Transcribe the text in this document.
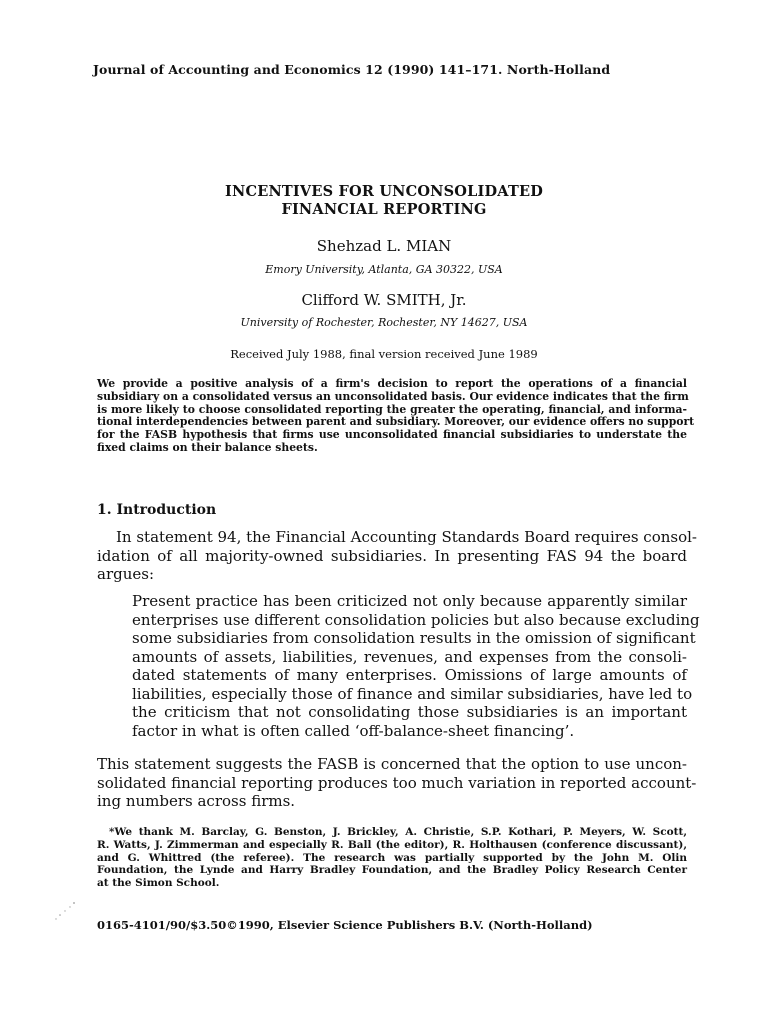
Journal of Accounting and Economics 12 (1990) 141–171. North-Holland
INCENTIVES FOR UNCONSOLIDATED
FINANCIAL REPORTING
Shehzad L. MIAN
Emory University, Atlanta, GA 30322, USA
Clifford W. SMITH, Jr.
University of Rochester, Rochester, NY 14627, USA
Received July 1988, final version received June 1989
We provide a positive analysis of a firm's decision to report the operations of a financial
subsidiary on a consolidated versus an unconsolidated basis. Our evidence indicates that the firm
is more likely to choose consolidated reporting the greater the operating, financial, and informa-
tional interdependencies between parent and subsidiary. Moreover, our evidence offers no support
for the FASB hypothesis that firms use unconsolidated financial subsidiaries to understate the
fixed claims on their balance sheets.
1. Introduction
In statement 94, the Financial Accounting Standards Board requires consol-
idation of all majority-owned subsidiaries. In presenting FAS 94 the board
argues:
Present practice has been criticized not only because apparently similar
enterprises use different consolidation policies but also because excluding
some subsidiaries from consolidation results in the omission of significant
amounts of assets, liabilities, revenues, and expenses from the consoli-
dated statements of many enterprises. Omissions of large amounts of
liabilities, especially those of finance and similar subsidiaries, have led to
the criticism that not consolidating those subsidiaries is an important
factor in what is often called ‘off-balance-sheet financing’.
This statement suggests the FASB is concerned that the option to use uncon-
solidated financial reporting produces too much variation in reported account-
ing numbers across firms.
*We thank M. Barclay, G. Benston, J. Brickley, A. Christie, S.P. Kothari, P. Meyers, W. Scott,
R. Watts, J. Zimmerman and especially R. Ball (the editor), R. Holthausen (conference discussant),
and G. Whittred (the referee). The research was partially supported by the John M. Olin
Foundation, the Lynde and Harry Bradley Foundation, and the Bradley Policy Research Center
at the Simon School.
0165-4101/90/$3.50©1990, Elsevier Science Publishers B.V. (North-Holland)
